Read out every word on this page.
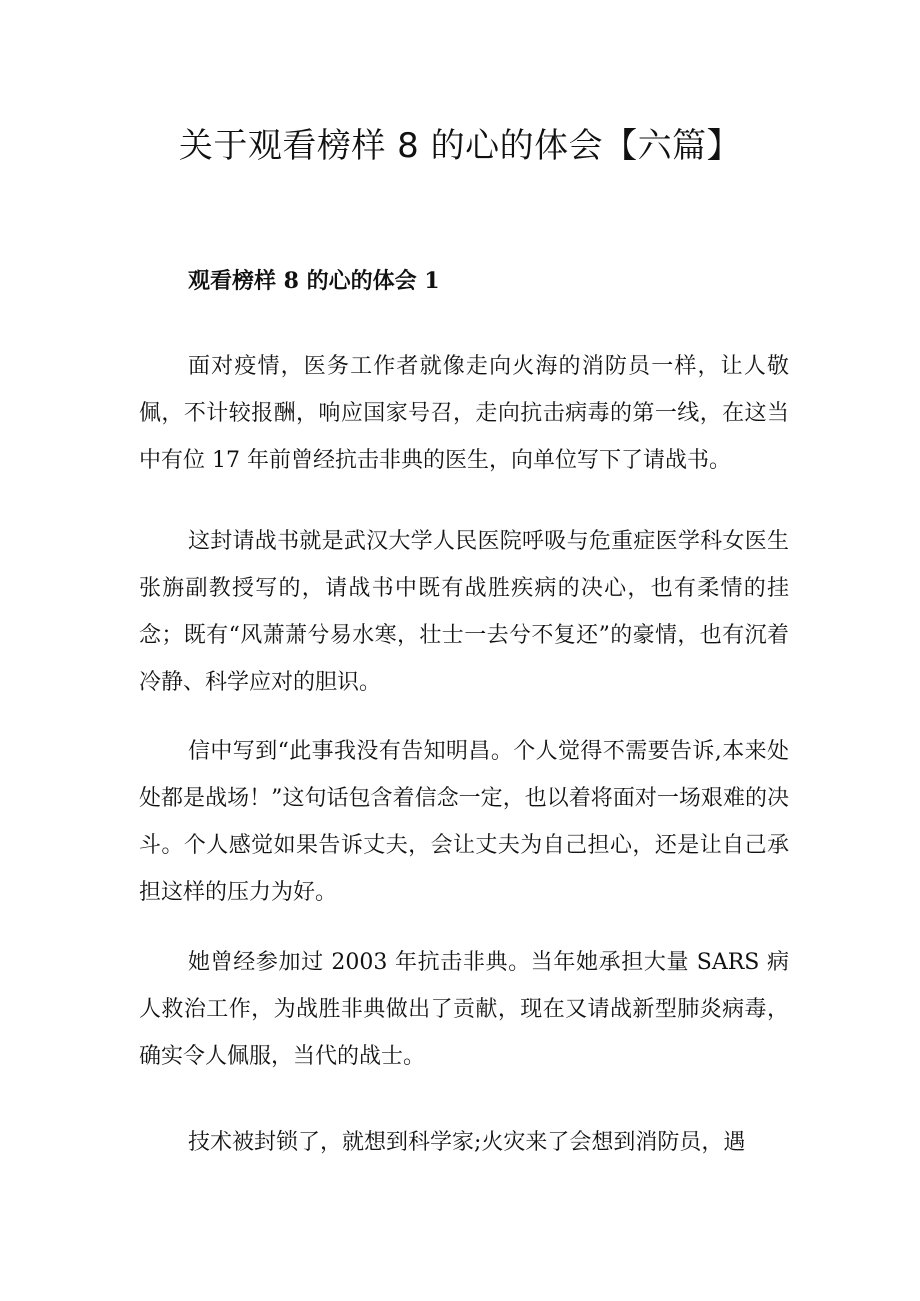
关于观看榜样 8 的心的体会【六篇】
观看榜样 8 的心的体会 1

面对疫情，医务工作者就像走向火海的消防员一样，让人敬佩，不计较报酬，响应国家号召，走向抗击病毒的第一线，在这当中有位 17 年前曾经抗击非典的医生，向单位写下了请战书。

这封请战书就是武汉大学人民医院呼吸与危重症医学科女医生张旃副教授写的，请战书中既有战胜疾病的决心，也有柔情的挂念；既有“风萧萧兮易水寒，壮士一去兮不复还”的豪情，也有沉着冷静、科学应对的胆识。

信中写到“此事我没有告知明昌。个人觉得不需要告诉,本来处处都是战场！”这句话包含着信念一定，也以着将面对一场艰难的决斗。个人感觉如果告诉丈夫，会让丈夫为自己担心，还是让自己承担这样的压力为好。

她曾经参加过 2003 年抗击非典。当年她承担大量 SARS 病人救治工作，为战胜非典做出了贡献，现在又请战新型肺炎病毒，确实令人佩服，当代的战士。

技术被封锁了，就想到科学家;火灾来了会想到消防员，遇
